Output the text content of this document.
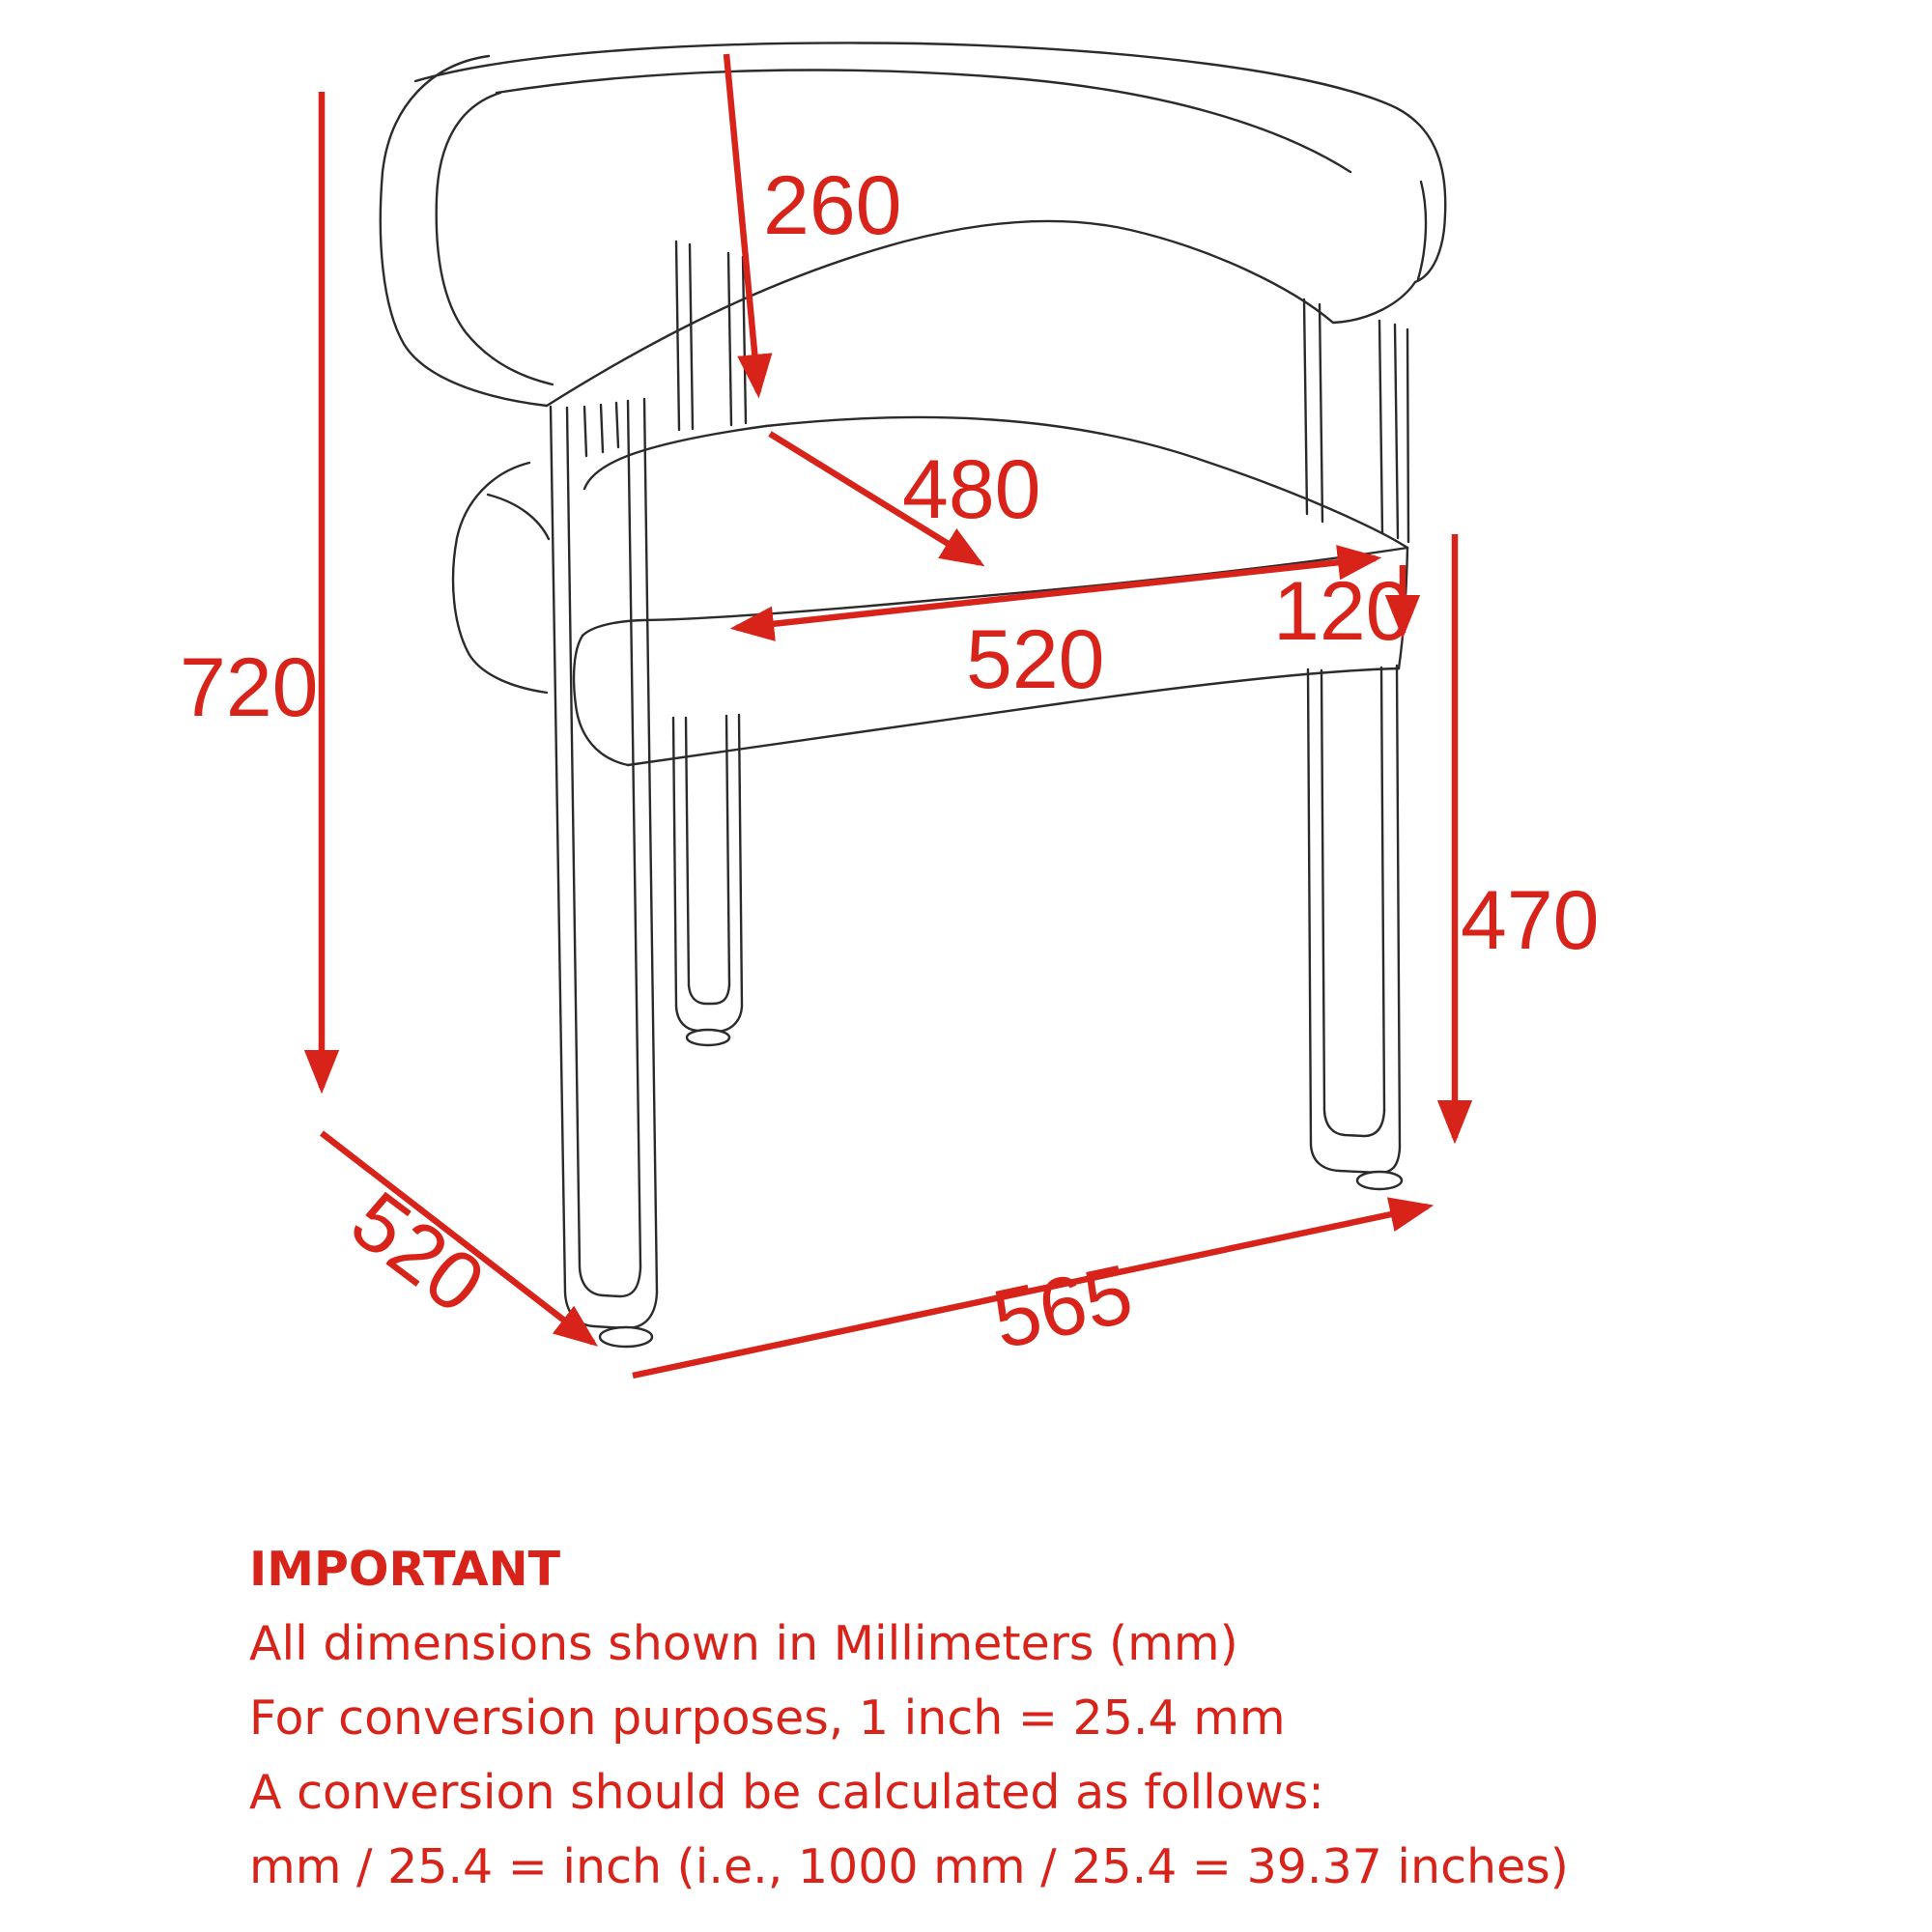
720
260
480
520
120
470
520	565
IMPORTANT
All dimensions shown in Millimeters (mm)
For conversion purposes, 1 inch = 25.4 mm
A conversion should be calculated as follows:
mm / 25.4 = inch (i.e., 1000 mm / 25.4 = 39.37 inches)
